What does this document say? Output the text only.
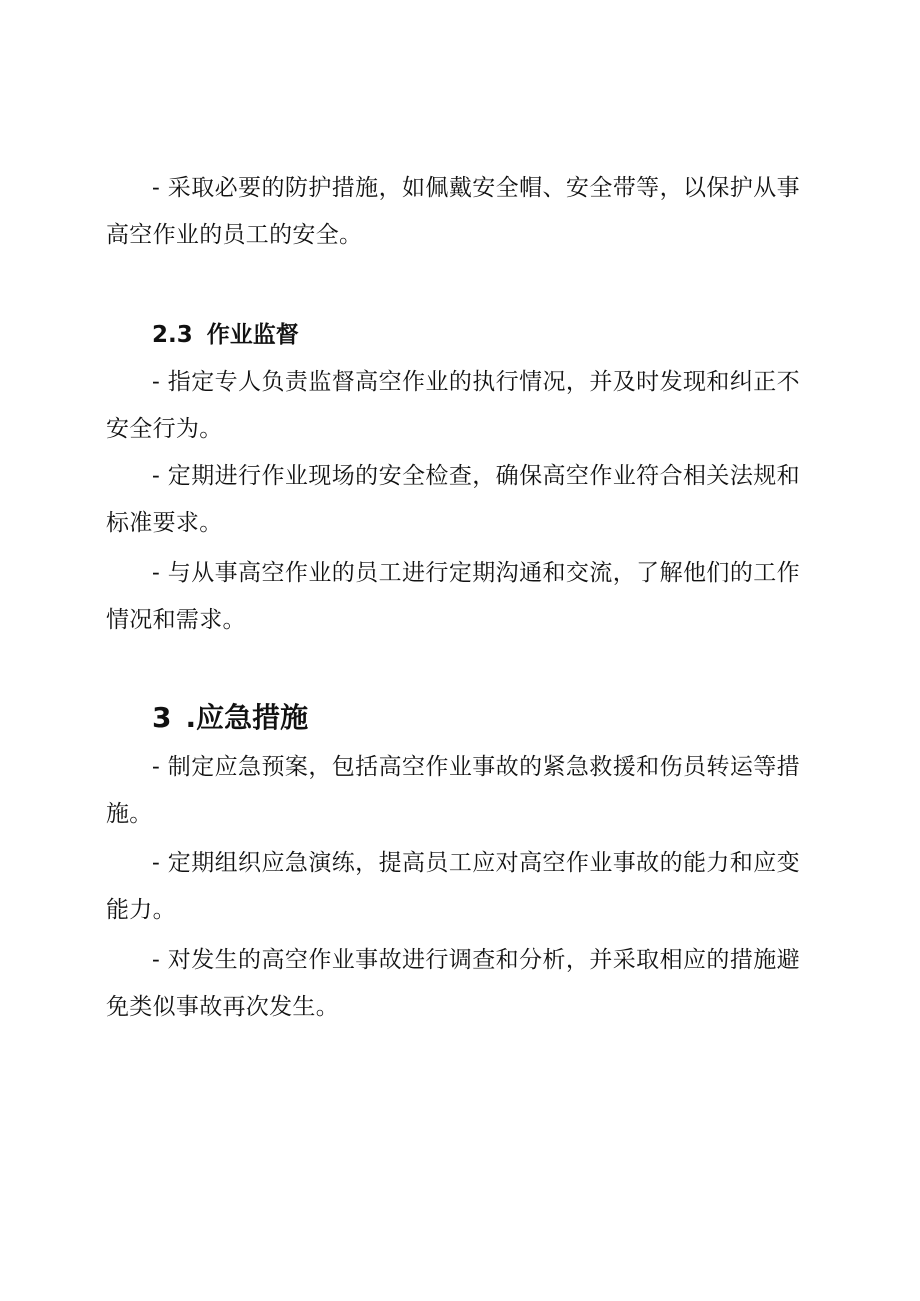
- 采取必要的防护措施，如佩戴安全帽、安全带等，以保护从事高空作业的员工的安全。

2.3 作业监督

- 指定专人负责监督高空作业的执行情况，并及时发现和纠正不安全行为。

- 定期进行作业现场的安全检查，确保高空作业符合相关法规和标准要求。

- 与从事高空作业的员工进行定期沟通和交流，了解他们的工作情况和需求。

3 .应急措施

- 制定应急预案，包括高空作业事故的紧急救援和伤员转运等措施。

- 定期组织应急演练，提高员工应对高空作业事故的能力和应变能力。

- 对发生的高空作业事故进行调查和分析，并采取相应的措施避免类似事故再次发生。
